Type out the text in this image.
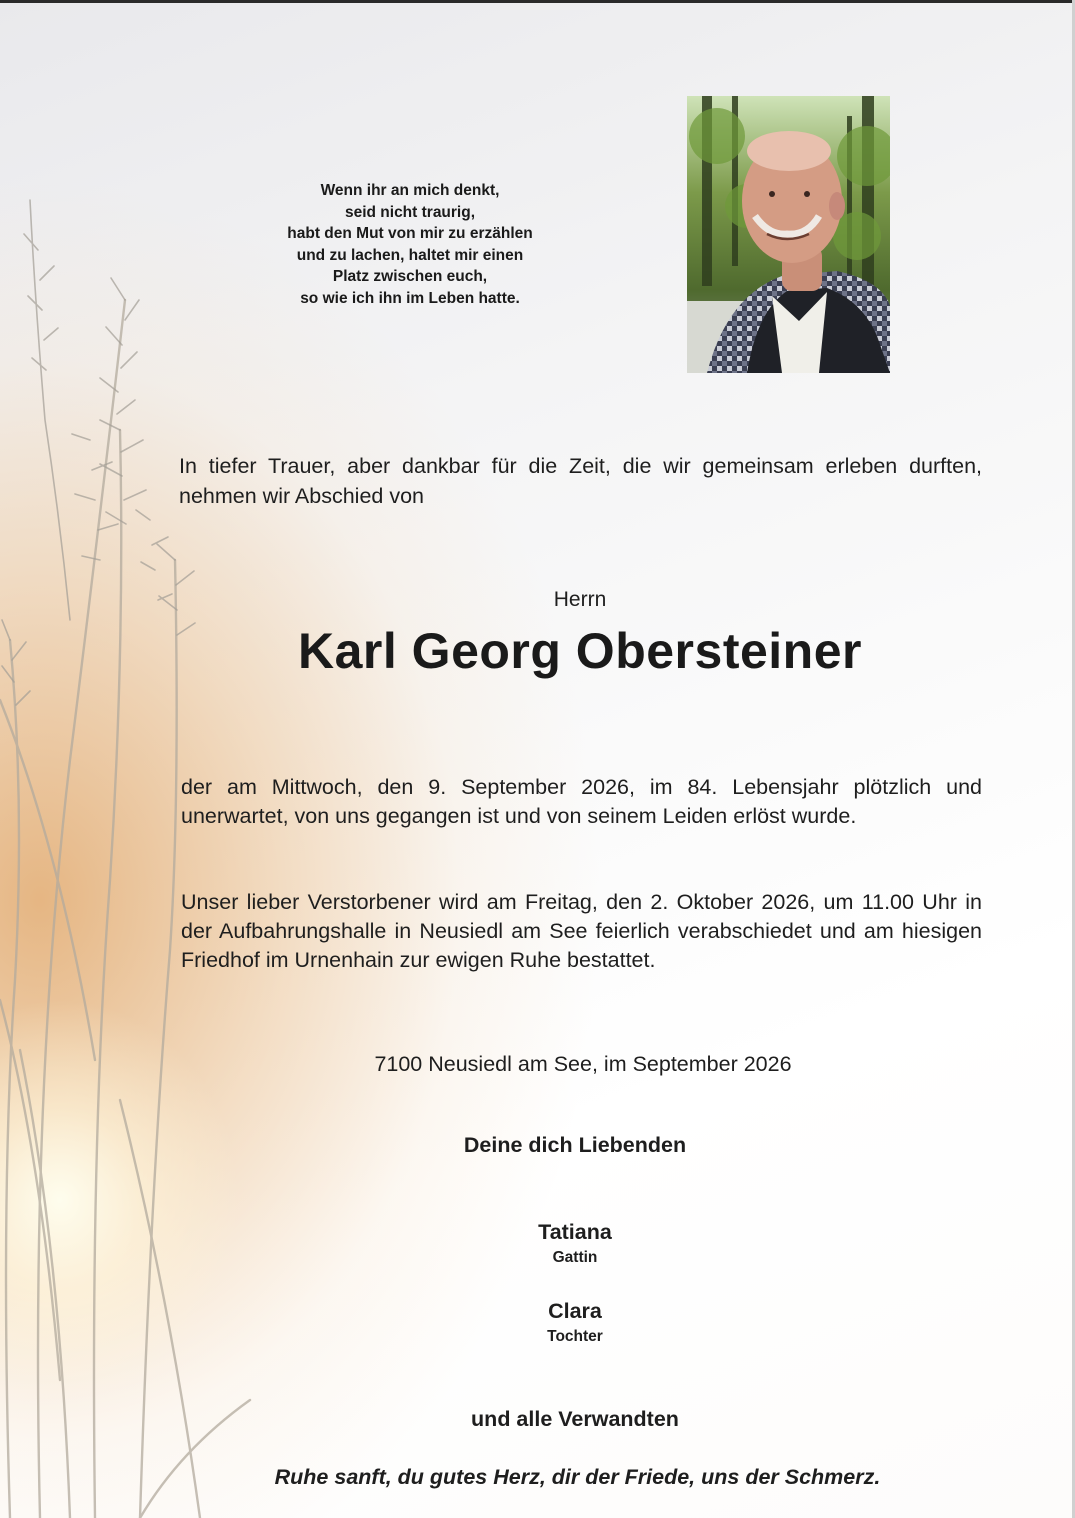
Wenn ihr an mich denkt,
seid nicht traurig,
habt den Mut von mir zu erzählen
und zu lachen, haltet mir einen
Platz zwischen euch,
so wie ich ihn im Leben hatte.
In tiefer Trauer, aber dankbar für die Zeit, die wir gemeinsam erleben durften, nehmen wir Abschied von
Herrn
Karl Georg Obersteiner
der am Mittwoch, den 9. September 2026, im 84. Lebensjahr plötzlich und unerwartet, von uns gegangen ist und von seinem Leiden erlöst wurde.
Unser lieber Verstorbener wird am Freitag, den 2. Oktober 2026, um 11.00 Uhr in der Aufbahrungshalle in Neusiedl am See feierlich verabschiedet und am hiesigen Friedhof im Urnenhain zur ewigen Ruhe bestattet.
7100 Neusiedl am See, im September 2026
Deine dich Liebenden
Tatiana
Gattin
Clara
Tochter
und alle Verwandten
Ruhe sanft, du gutes Herz, dir der Friede, uns der Schmerz.
